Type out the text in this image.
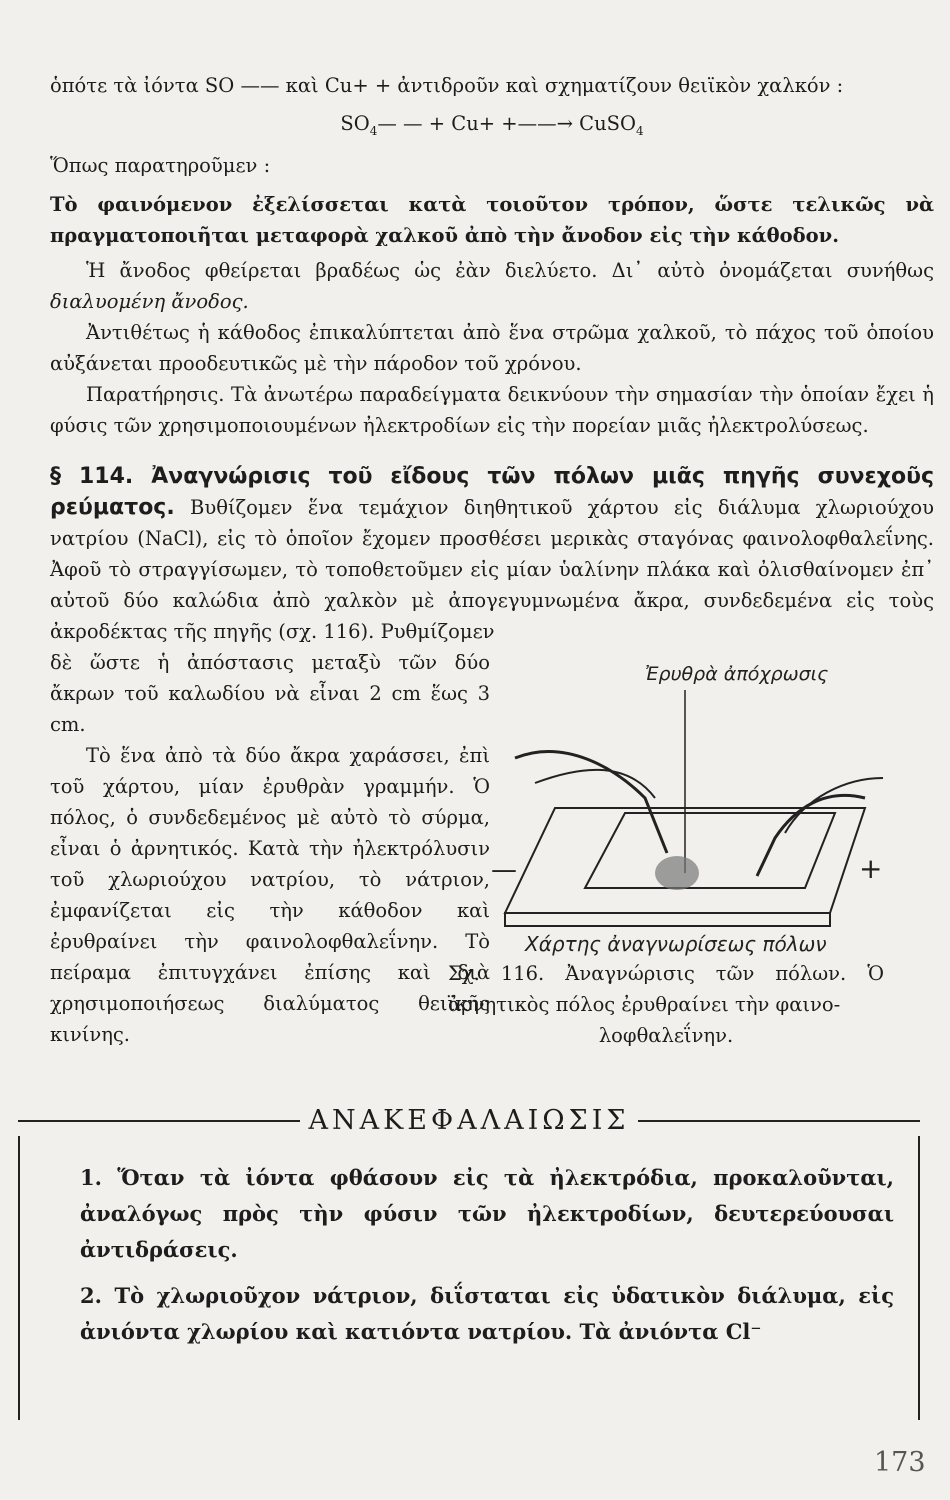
ὁπότε τὰ ἰόντα SO —— καὶ Cu+ + ἀντιδροῦν καὶ σχηματίζουν θειϊκὸν χαλκόν :

$SO_4—$ — + Cu+ +——→ CuSO$_4$

Ὅπως παρατηροῦμεν :

Τὸ φαινόμενον ἐξελίσσεται κατὰ τοιοῦτον τρόπον, ὥστε τελικῶς νὰ πραγματοποιῆται μεταφορὰ χαλκοῦ ἀπὸ τὴν ἄνοδον εἰς τὴν κάθοδον.

Ἡ ἄνοδος φθείρεται βραδέως ὡς ἐὰν διελύετο. Δι᾽ αὐτὸ ὀνομάζεται συνήθως διαλυομένη ἄνοδος.

Ἀντιθέτως ἡ κάθοδος ἐπικαλύπτεται ἀπὸ ἕνα στρῶμα χαλκοῦ, τὸ πάχος τοῦ ὁποίου αὐξάνεται προοδευτικῶς μὲ τὴν πάροδον τοῦ χρόνου.

Παρατήρησις. Τὰ ἀνωτέρω παραδείγματα δεικνύουν τὴν σημασίαν τὴν ὁποίαν ἔχει ἡ φύσις τῶν χρησιμοποιουμένων ἠλεκτροδίων εἰς τὴν πορείαν μιᾶς ἠλεκτρολύσεως.

§ 114. Ἀναγνώρισις τοῦ εἴδους τῶν πόλων μιᾶς πηγῆς συνεχοῦς ρεύματος. Βυθίζομεν ἕνα τεμάχιον διηθητικοῦ χάρτου εἰς διάλυμα χλωριούχου νατρίου (NaCl), εἰς τὸ ὁποῖον ἔχομεν προσθέσει μερικὰς σταγόνας φαινολοφθαλεΐνης. Ἀφοῦ τὸ στραγγίσωμεν, τὸ τοποθετοῦμεν εἰς μίαν ὑαλίνην πλάκα καὶ ὀλισθαίνομεν ἐπ᾽ αὐτοῦ δύο καλώδια ἀπὸ χαλκὸν μὲ ἀπογεγυμνωμένα ἄκρα, συνδεδεμένα εἰς τοὺς ἀκροδέκτας τῆς πηγῆς (σχ. 116). Ρυθμίζομεν

δὲ ὥστε ἡ ἀπόστασις μεταξὺ τῶν δύο ἄκρων τοῦ καλωδίου νὰ εἶναι 2 cm ἕως 3 cm.

Τὸ ἕνα ἀπὸ τὰ δύο ἄκρα χαράσσει, ἐπὶ τοῦ χάρτου, μίαν ἐρυθρὰν γραμμήν. Ὁ πόλος, ὁ συνδεδεμένος μὲ αὐτὸ τὸ σύρμα, εἶναι ὁ ἀρνητικός. Κατὰ τὴν ἠλεκτρόλυσιν τοῦ χλωριούχου νατρίου, τὸ νάτριον, ἐμφανίζεται εἰς τὴν κάθοδον καὶ ἐρυθραίνει τὴν φαινολοφθαλεΐνην. Τὸ πείραμα ἐπιτυγχάνει ἐπίσης καὶ διὰ χρησιμοποιήσεως διαλύματος θειϊκῆς κινίνης.

Ἐρυθρὰ ἀπόχρωσις
—	+
Χάρτης ἀναγνωρίσεως πόλων

Σχ. 116. Ἀναγνώρισις τῶν πόλων. Ὁ ἀρνητικὸς πόλος ἐρυθραίνει τὴν φαινο-

λοφθαλεΐνην.

ΑΝΑΚΕΦΑΛΑΙΩΣΙΣ

1. Ὅταν τὰ ἰόντα φθάσουν εἰς τὰ ἠλεκτρόδια, προκαλοῦνται, ἀναλόγως πρὸς τὴν φύσιν τῶν ἠλεκτροδίων, δευτερεύουσαι ἀντιδράσεις.

2. Τὸ χλωριοῦχον νάτριον, διΐσταται εἰς ὑδατικὸν διάλυμα, εἰς ἀνιόντα χλωρίου καὶ κατιόντα νατρίου. Τὰ ἀνιόντα Cl⁻

173
